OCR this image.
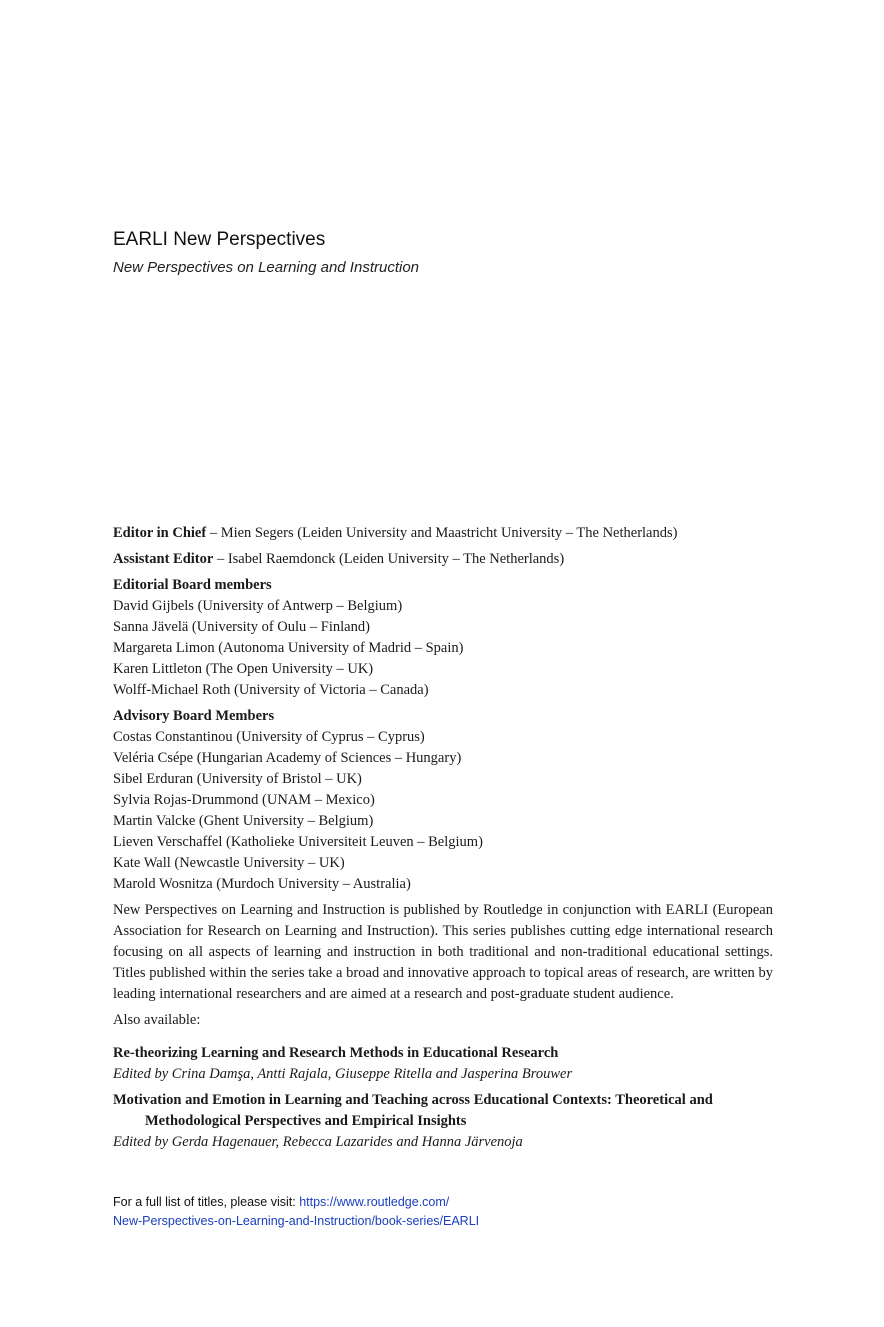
EARLI New Perspectives
New Perspectives on Learning and Instruction

Editor in Chief – Mien Segers (Leiden University and Maastricht University – The Netherlands)

Assistant Editor – Isabel Raemdonck (Leiden University – The Netherlands)

Editorial Board members
David Gijbels (University of Antwerp – Belgium)
Sanna Jävelä (University of Oulu – Finland)
Margareta Limon (Autonoma University of Madrid – Spain)
Karen Littleton (The Open University – UK)
Wolff-Michael Roth (University of Victoria – Canada)
Advisory Board Members
Costas Constantinou (University of Cyprus – Cyprus)
Veléria Csépe (Hungarian Academy of Sciences – Hungary)
Sibel Erduran (University of Bristol – UK)
Sylvia Rojas-Drummond (UNAM – Mexico)
Martin Valcke (Ghent University – Belgium)
Lieven Verschaffel (Katholieke Universiteit Leuven – Belgium)
Kate Wall (Newcastle University – UK)
Marold Wosnitza (Murdoch University – Australia)

New Perspectives on Learning and Instruction is published by Routledge in conjunction with EARLI (European Association for Research on Learning and Instruction). This series publishes cutting edge international research focusing on all aspects of learning and instruction in both traditional and non-traditional educational settings. Titles published within the series take a broad and innovative approach to topical areas of research, are written by leading international researchers and are aimed at a research and post-graduate student audience.

Also available:

Re-theorizing Learning and Research Methods in Educational Research
Edited by Crina Damşa, Antti Rajala, Giuseppe Ritella and Jasperina Brouwer
Motivation and Emotion in Learning and Teaching across Educational Contexts: Theoretical and Methodological Perspectives and Empirical Insights
Edited by Gerda Hagenauer, Rebecca Lazarides and Hanna Järvenoja
For a full list of titles, please visit: https://www.routledge.com/
New-Perspectives-on-Learning-and-Instruction/book-series/EARLI
